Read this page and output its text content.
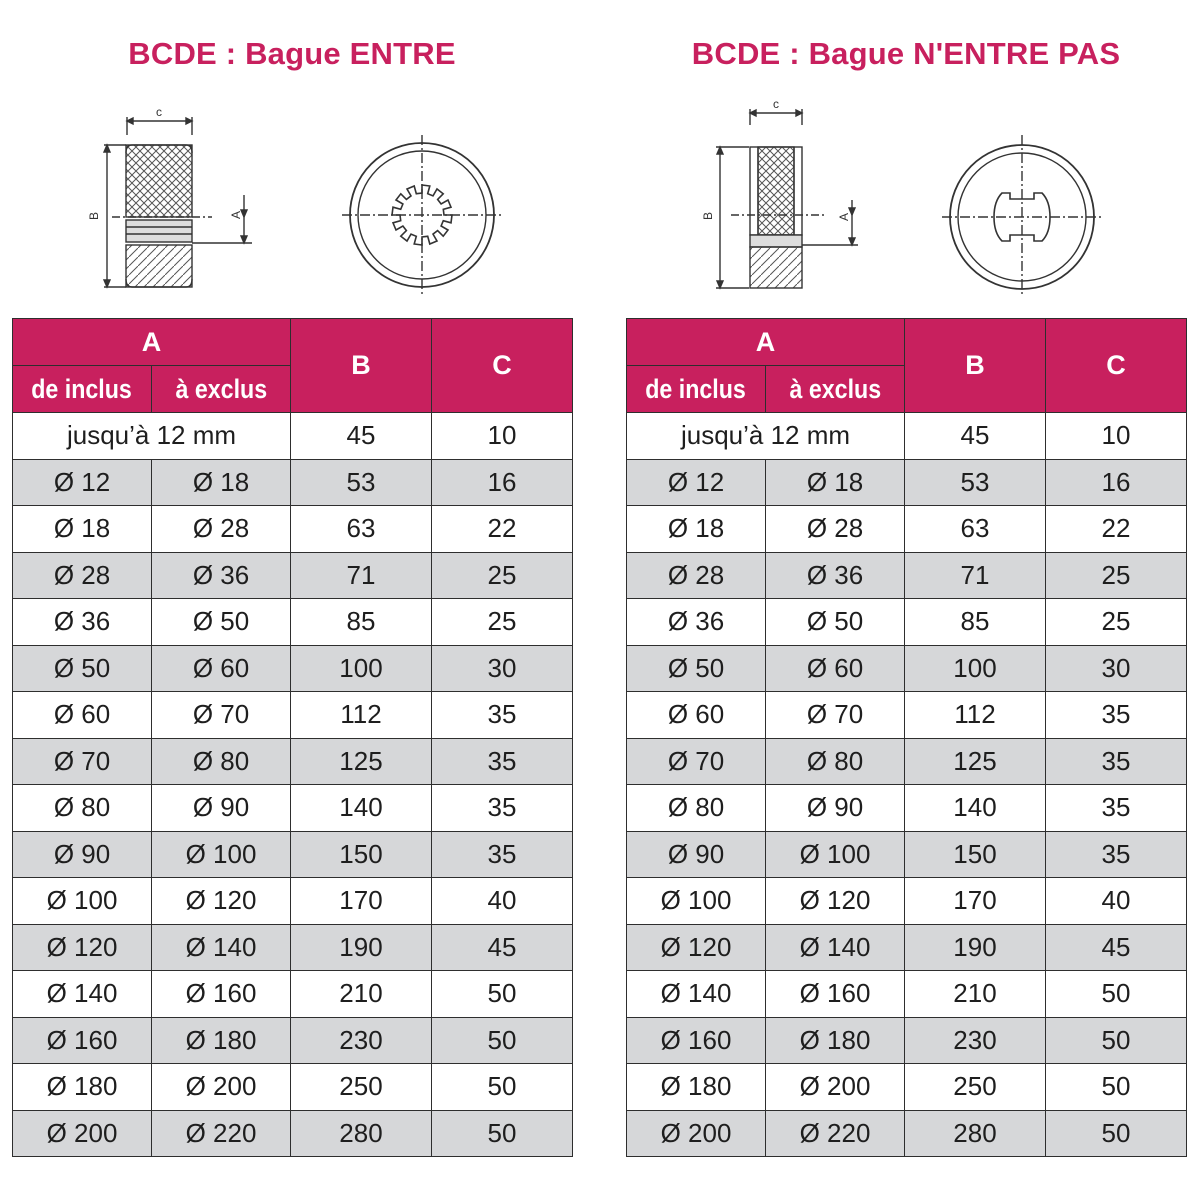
BCDE : Bague ENTRE
c
B	A
A		B	C
de inclus	à exclus		
jusqu’à 12 mm		45	10
Ø 12	Ø 18	53	16
Ø 18	Ø 28	63	22
Ø 28	Ø 36	71	25
Ø 36	Ø 50	85	25
Ø 50	Ø 60	100	30
Ø 60	Ø 70	112	35
Ø 70	Ø 80	125	35
Ø 80	Ø 90	140	35
Ø 90	Ø 100	150	35
Ø 100	Ø 120	170	40
Ø 120	Ø 140	190	45
Ø 140	Ø 160	210	50
Ø 160	Ø 180	230	50
Ø 180	Ø 200	250	50
Ø 200	Ø 220	280	50
BCDE : Bague N'ENTRE PAS
c
B	A
A		B	C
de inclus	à exclus		
jusqu’à 12 mm		45	10
Ø 12	Ø 18	53	16
Ø 18	Ø 28	63	22
Ø 28	Ø 36	71	25
Ø 36	Ø 50	85	25
Ø 50	Ø 60	100	30
Ø 60	Ø 70	112	35
Ø 70	Ø 80	125	35
Ø 80	Ø 90	140	35
Ø 90	Ø 100	150	35
Ø 100	Ø 120	170	40
Ø 120	Ø 140	190	45
Ø 140	Ø 160	210	50
Ø 160	Ø 180	230	50
Ø 180	Ø 200	250	50
Ø 200	Ø 220	280	50
